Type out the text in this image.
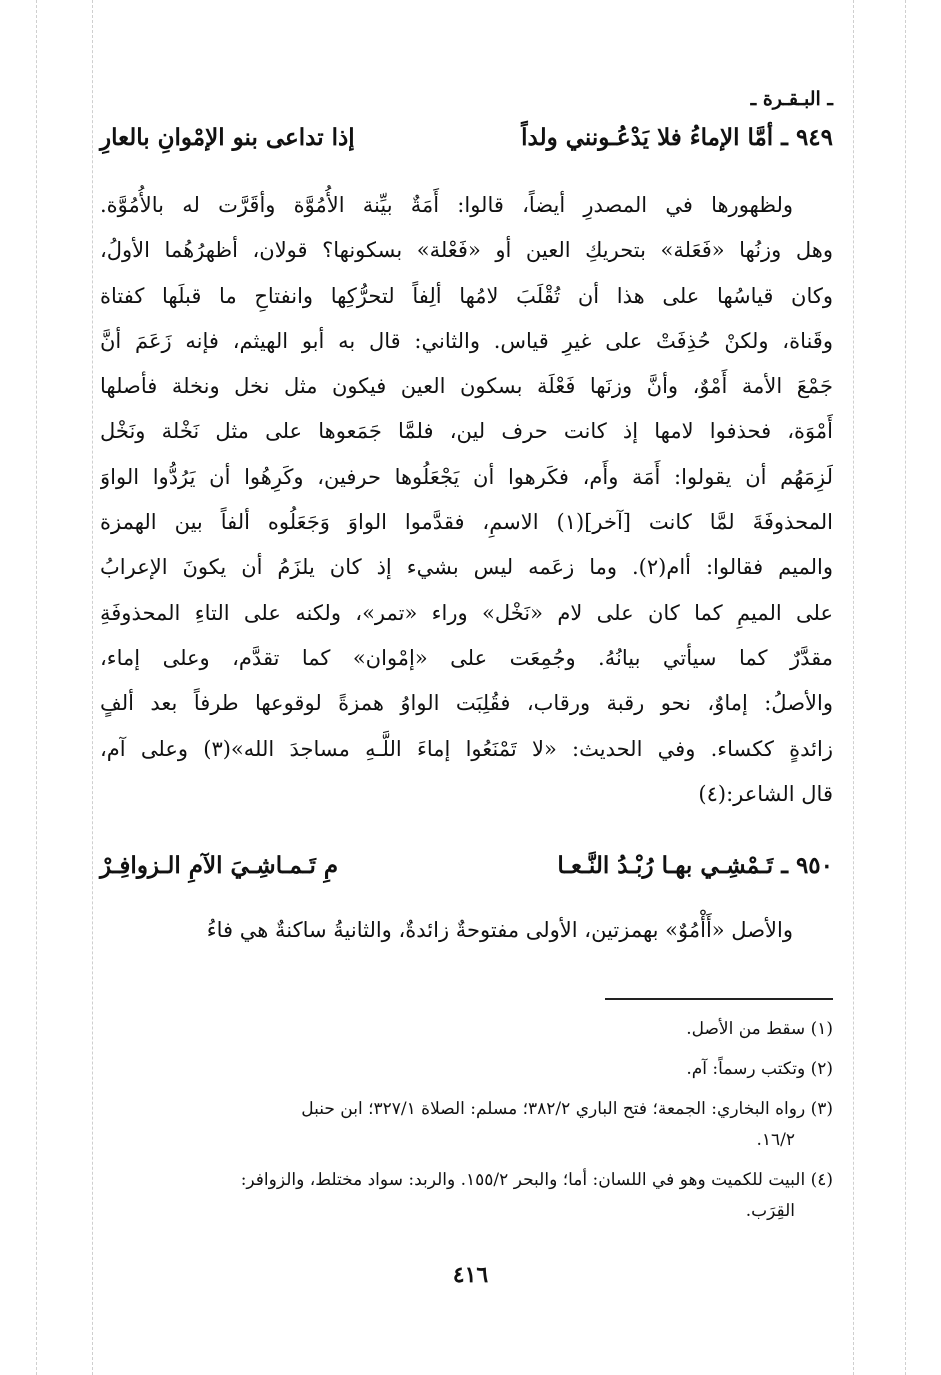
ـ البـقـرة ـ
٩٤٩ ـ أمَّا الإماءُ فلا يَدْعُـونني ولداً
إذا تداعى بنو الإمْوانِ بالعارِ
ولظهورها في المصدرِ أيضاً، قالوا: أَمَةٌ بيِّنة الأُمُوَّة وأقَرَّت له بالأُمُوَّة.
وهل وزنُها «فَعَلة» بتحريكِ العين أو «فَعْلة» بسكونها؟ قولان، أظهرُهُما الأولُ،
وكان قياسُها على هذا أن تُقْلَبَ لامُها ألِفاً لتحرُّكِها وانفتاحِ ما قبلَها كفتاة
وقَناة، ولكنْ حُذِفَتْ على غيرِ قياس. والثاني: قال به أبو الهيثم، فإنه زَعَمَ أنَّ
جَمْعَ الأمة أَمْوٌ، وأنَّ وزنَها فَعْلَة بسكون العين فيكون مثل نخل ونخلة فأصلها
أَمْوَة، فحذفوا لامها إذ كانت حرف لين، فلمَّا جَمَعوها على مثل نَخْلة ونَخْل
لَزِمَهُم أن يقولوا: أَمَة وأَم، فكَرهوا أن يَجْعَلُوها حرفين، وكَرِهُوا أن يَرُدُّوا الواوَ
المحذوفَةَ لمَّا كانت [آخر](١) الاسمِ، فقدَّموا الواوَ وَجَعَلُوه ألفاً بين الهمزة
والميم فقالوا: أام(٢). وما زعَمه ليس بشيء إذ كان يلزَمُ أن يكونَ الإعرابُ
على الميمِ كما كان على لام «نَخْل» وراء «تمر»، ولكنه على التاءِ المحذوفَةِ
مقدَّرٌ كما سيأتي بيانُهُ. وجُمِعَت على «إمْوان» كما تقدَّم، وعلى إماء،
والأصلُ: إماوٌ، نحو رقبة ورقاب، فقُلِبَت الواوُ همزةً لوقوعها طرفاً بعد ألفٍ
زائدةٍ ككساء. وفي الحديث: «لا تَمْنَعُوا إماءَ اللَّـهِ مساجدَ الله»(٣) وعلى آم،
قال الشاعر:(٤)
٩٥٠ ـ تَـمْشِـي بهـا رُبْـدُ النَّـعـا
مِ تَـمـاشِـيَ الآمِ الـزوافِـرْ
والأصل «أَأْمُوٌ» بهمزتين، الأولى مفتوحةٌ زائدةٌ، والثانيةُ ساكنةٌ هي فاءُ
(١) سقط من الأصل.
(٢) وتكتب رسماً: آم.
(٣) رواه البخاري: الجمعة؛ فتح الباري ٣٨٢/٢؛ مسلم: الصلاة ٣٢٧/١؛ ابن حنبل
١٦/٢.
(٤) البيت للكميت وهو في اللسان: أما؛ والبحر ١٥٥/٢. والربد: سواد مختلط، والزوافر:
القِرَب.
٤١٦
